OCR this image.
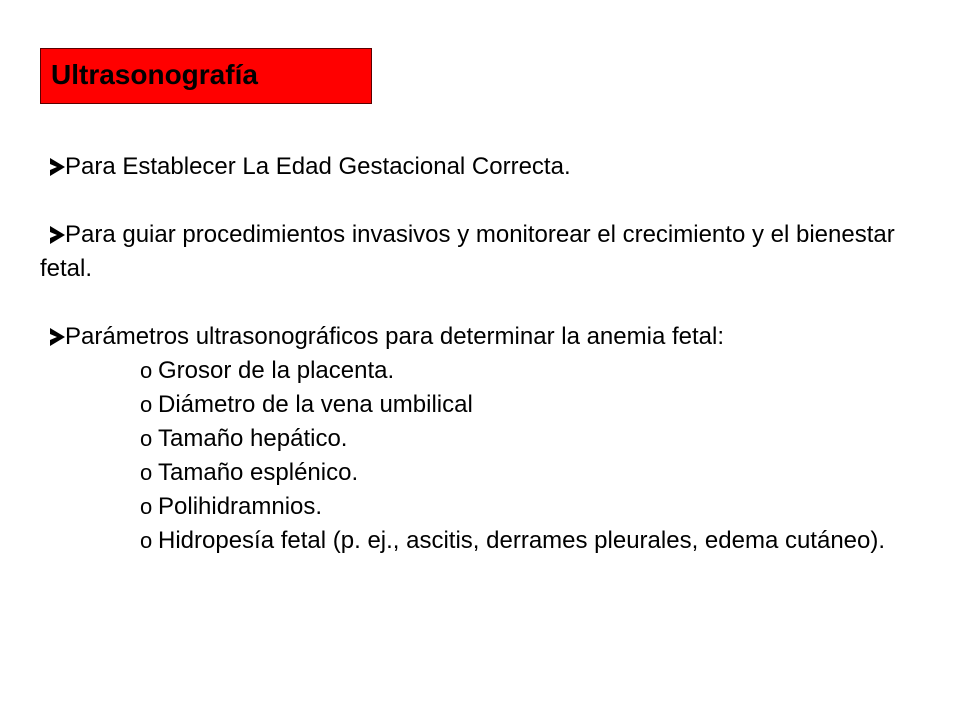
Ultrasonografía
Para Establecer La Edad Gestacional Correcta.
Para guiar procedimientos invasivos y monitorear el crecimiento y el bienestar fetal.
Parámetros ultrasonográficos para determinar la anemia fetal:
o Grosor de la placenta.
o Diámetro de la vena umbilical
o Tamaño hepático.
o Tamaño esplénico.
o Polihidramnios.
o Hidropesía fetal (p. ej., ascitis, derrames pleurales, edema cutáneo).
